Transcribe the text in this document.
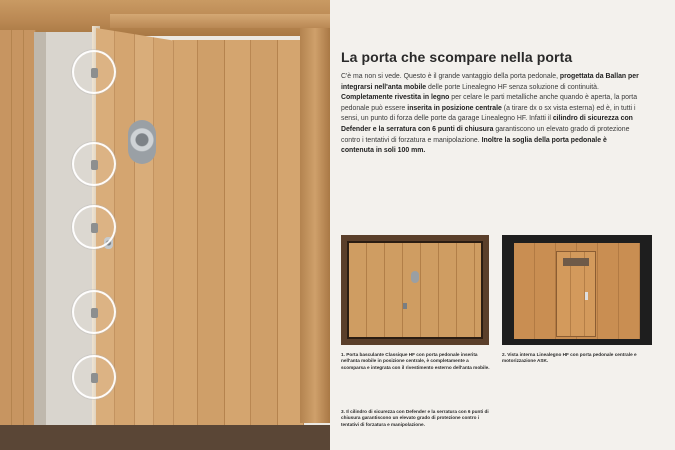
La porta che scompare nella porta

C'è ma non si vede. Questo è il grande vantaggio della porta pedonale, progettata da Ballan per integrarsi nell'anta mobile delle porte Linealegno HF senza soluzione di continuità. Completamente rivestita in legno per celare le parti metalliche anche quando è aperta, la porta pedonale può essere inserita in posizione centrale (a tirare dx o sx vista esterna) ed è, in tutti i sensi, un punto di forza delle porte da garage Linealegno HF. Infatti il cilindro di sicurezza con Defender e la serratura con 6 punti di chiusura garantiscono un elevato grado di protezione contro i tentativi di forzatura e manipolazione. Inoltre la soglia della porta pedonale è contenuta in soli 100 mm.

1. Porta basculante Classique HF con porta pedonale inserita nell'anta mobile in posizione centrale, è completamente a scomparsa e integrata con il rivestimento esterno dell'anta mobile.

2. Vista interna Linealegno HF con porta pedonale centrale e motorizzazione ASK.

3. Il cilindro di sicurezza con Defender e la serratura con 6 punti di chiusura garantiscono un elevato grado di protezione contro i tentativi di forzatura e manipolazione.
